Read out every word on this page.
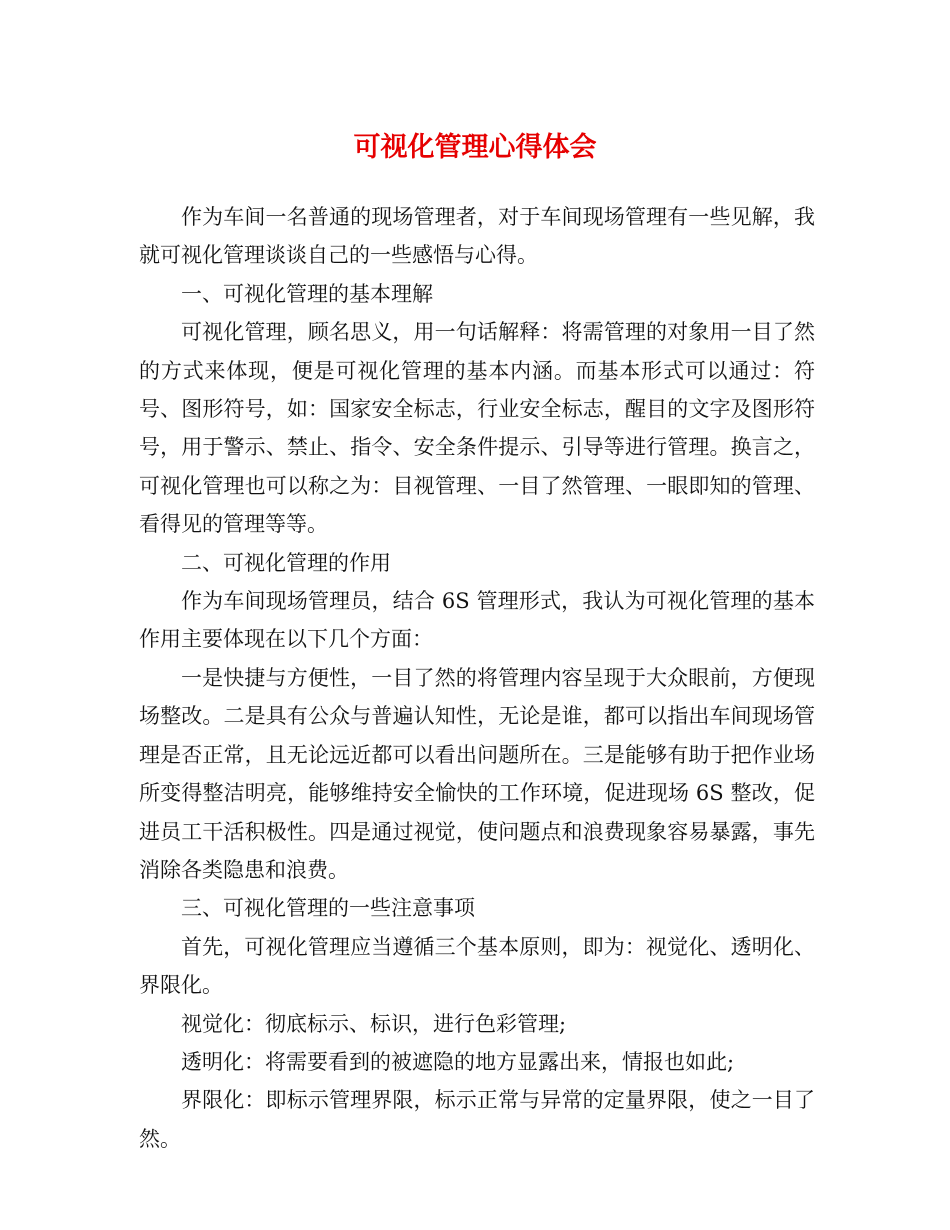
可视化管理心得体会

作为车间一名普通的现场管理者，对于车间现场管理有一些见解，我就可视化管理谈谈自己的一些感悟与心得。

一、可视化管理的基本理解

可视化管理，顾名思义，用一句话解释：将需管理的对象用一目了然的方式来体现，便是可视化管理的基本内涵。而基本形式可以通过：符号、图形符号，如：国家安全标志，行业安全标志，醒目的文字及图形符号，用于警示、禁止、指令、安全条件提示、引导等进行管理。换言之，可视化管理也可以称之为：目视管理、一目了然管理、一眼即知的管理、看得见的管理等等。

二、可视化管理的作用

作为车间现场管理员，结合 6S 管理形式，我认为可视化管理的基本作用主要体现在以下几个方面：

一是快捷与方便性，一目了然的将管理内容呈现于大众眼前，方便现场整改。二是具有公众与普遍认知性，无论是谁，都可以指出车间现场管理是否正常，且无论远近都可以看出问题所在。三是能够有助于把作业场所变得整洁明亮，能够维持安全愉快的工作环境，促进现场 6S 整改，促进员工干活积极性。四是通过视觉，使问题点和浪费现象容易暴露，事先消除各类隐患和浪费。

三、可视化管理的一些注意事项

首先，可视化管理应当遵循三个基本原则，即为：视觉化、透明化、界限化。

视觉化：彻底标示、标识，进行色彩管理;

透明化：将需要看到的被遮隐的地方显露出来，情报也如此;

界限化：即标示管理界限，标示正常与异常的定量界限，使之一目了然。
